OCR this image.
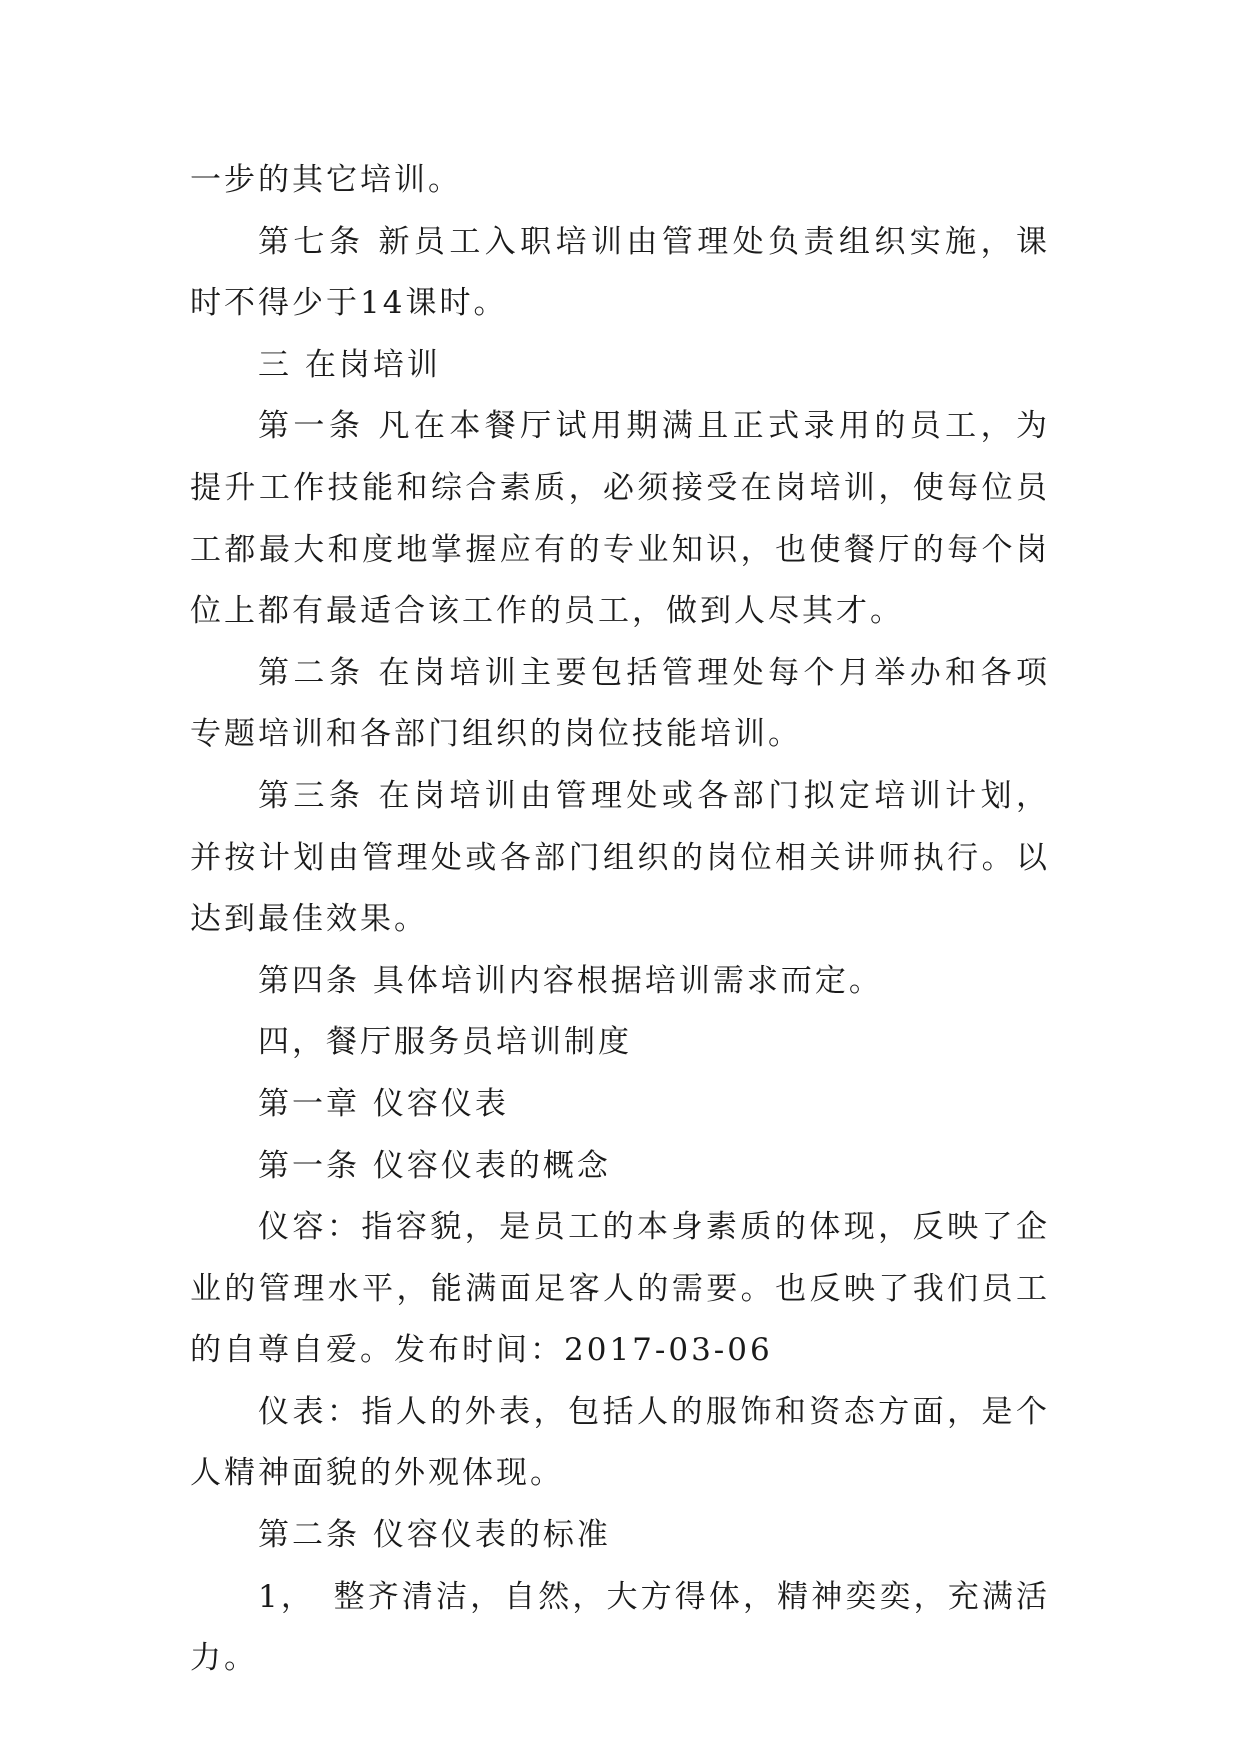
一步的其它培训。

第七条 新员工入职培训由管理处负责组织实施，课时不得少于14课时。

三 在岗培训

第一条 凡在本餐厅试用期满且正式录用的员工，为提升工作技能和综合素质，必须接受在岗培训，使每位员工都最大和度地掌握应有的专业知识，也使餐厅的每个岗位上都有最适合该工作的员工，做到人尽其才。

第二条 在岗培训主要包括管理处每个月举办和各项专题培训和各部门组织的岗位技能培训。

第三条 在岗培训由管理处或各部门拟定培训计划，并按计划由管理处或各部门组织的岗位相关讲师执行。以达到最佳效果。

第四条 具体培训内容根据培训需求而定。

四，餐厅服务员培训制度

第一章 仪容仪表

第一条 仪容仪表的概念

仪容：指容貌，是员工的本身素质的体现，反映了企业的管理水平，能满面足客人的需要。也反映了我们员工的自尊自爱。发布时间：2017-03-06

仪表：指人的外表，包括人的服饰和资态方面，是个人精神面貌的外观体现。

第二条 仪容仪表的标准

1，　整齐清洁，自然，大方得体，精神奕奕，充满活力。
